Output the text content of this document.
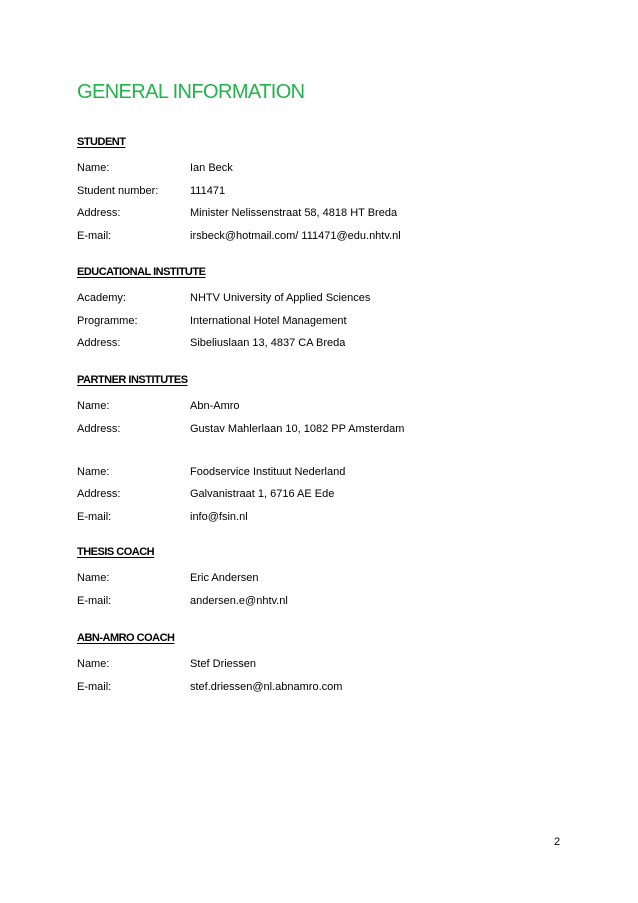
GENERAL INFORMATION
STUDENT
Name:	Ian Beck
Student number:	111471
Address:	Minister Nelissenstraat 58, 4818 HT Breda
E-mail:	irsbeck@hotmail.com/ 111471@edu.nhtv.nl
EDUCATIONAL INSTITUTE
Academy:	NHTV University of Applied Sciences
Programme:	International Hotel Management
Address:	Sibeliuslaan 13, 4837 CA Breda
PARTNER INSTITUTES
Name:	Abn-Amro
Address:	Gustav Mahlerlaan 10, 1082 PP Amsterdam
Name:	Foodservice Instituut Nederland
Address:	Galvanistraat 1, 6716 AE Ede
E-mail:	info@fsin.nl
THESIS COACH
Name:	Eric Andersen
E-mail:	andersen.e@nhtv.nl
ABN-AMRO COACH
Name:	Stef Driessen
E-mail:	stef.driessen@nl.abnamro.com
2
